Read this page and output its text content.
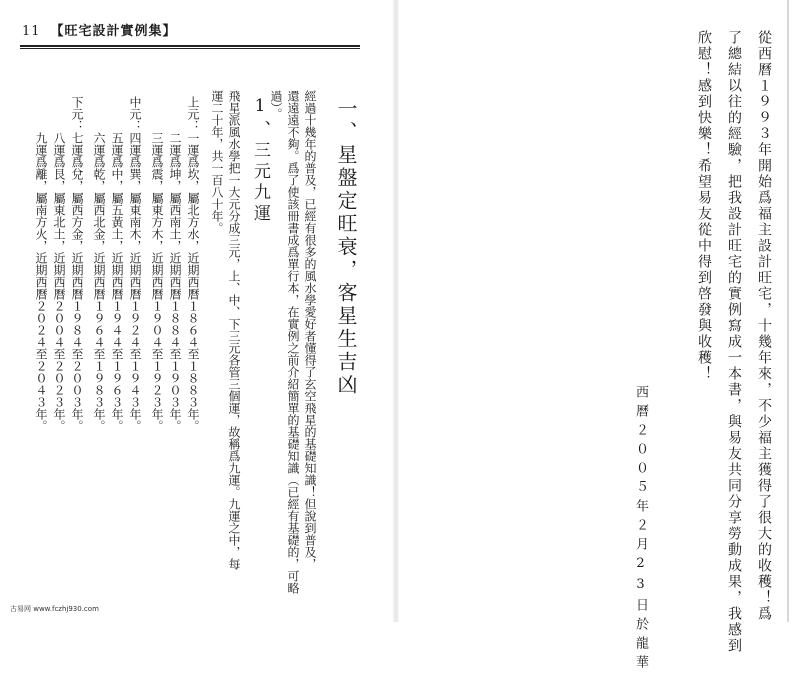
11 【旺宅設計實例集】
一、星盤定旺衰，客星生吉凶
經過十幾年的普及，已經有很多的風水學愛好者懂得了玄空飛星的基礎知識！但說到普及，
還遠遠不夠。爲了使該冊書成爲單行本，在實例之前介紹簡單的基礎知識（已經有基礎的，可略
過）。
1、三元九運
飛星派風水學把一大元分成三元，上、中、下三元各管三個運，故稱爲九運。九運之中，每
運二十年，共一百八十年。
上元：
一運爲坎，屬北方水，近期西曆１８６４至１８８３年。
二運爲坤，屬西南土，近期西曆１８８４至１９０３年。
三運爲震，屬東方木，近期西曆１９０４至１９２３年。
中元：
四運爲巽，屬東南木，近期西曆１９２４至１９４３年。
五運爲中，屬五黃土，近期西曆１９４４至１９６３年。
六運爲乾，屬西北金，近期西曆１９６４至１９８３年。
下元：
七運爲兌，屬西方金，近期西曆１９８４至２００３年。
八運爲艮，屬東北土，近期西曆２００４至２０２３年。
九運爲離，屬南方火，近期西曆２０２４至２０４３年。
古易网 www.fczhj930.com	從西曆１９９３年開始爲福主設計旺宅，十幾年來，不少福主獲得了很大的收穫！爲
了總結以往的經驗，把我設計旺宅的實例寫成一本書，與易友共同分享勞動成果，我感到
欣慰！感到快樂！希望易友從中得到啓發與收穫！
西曆２００５年２月23日於龍華
